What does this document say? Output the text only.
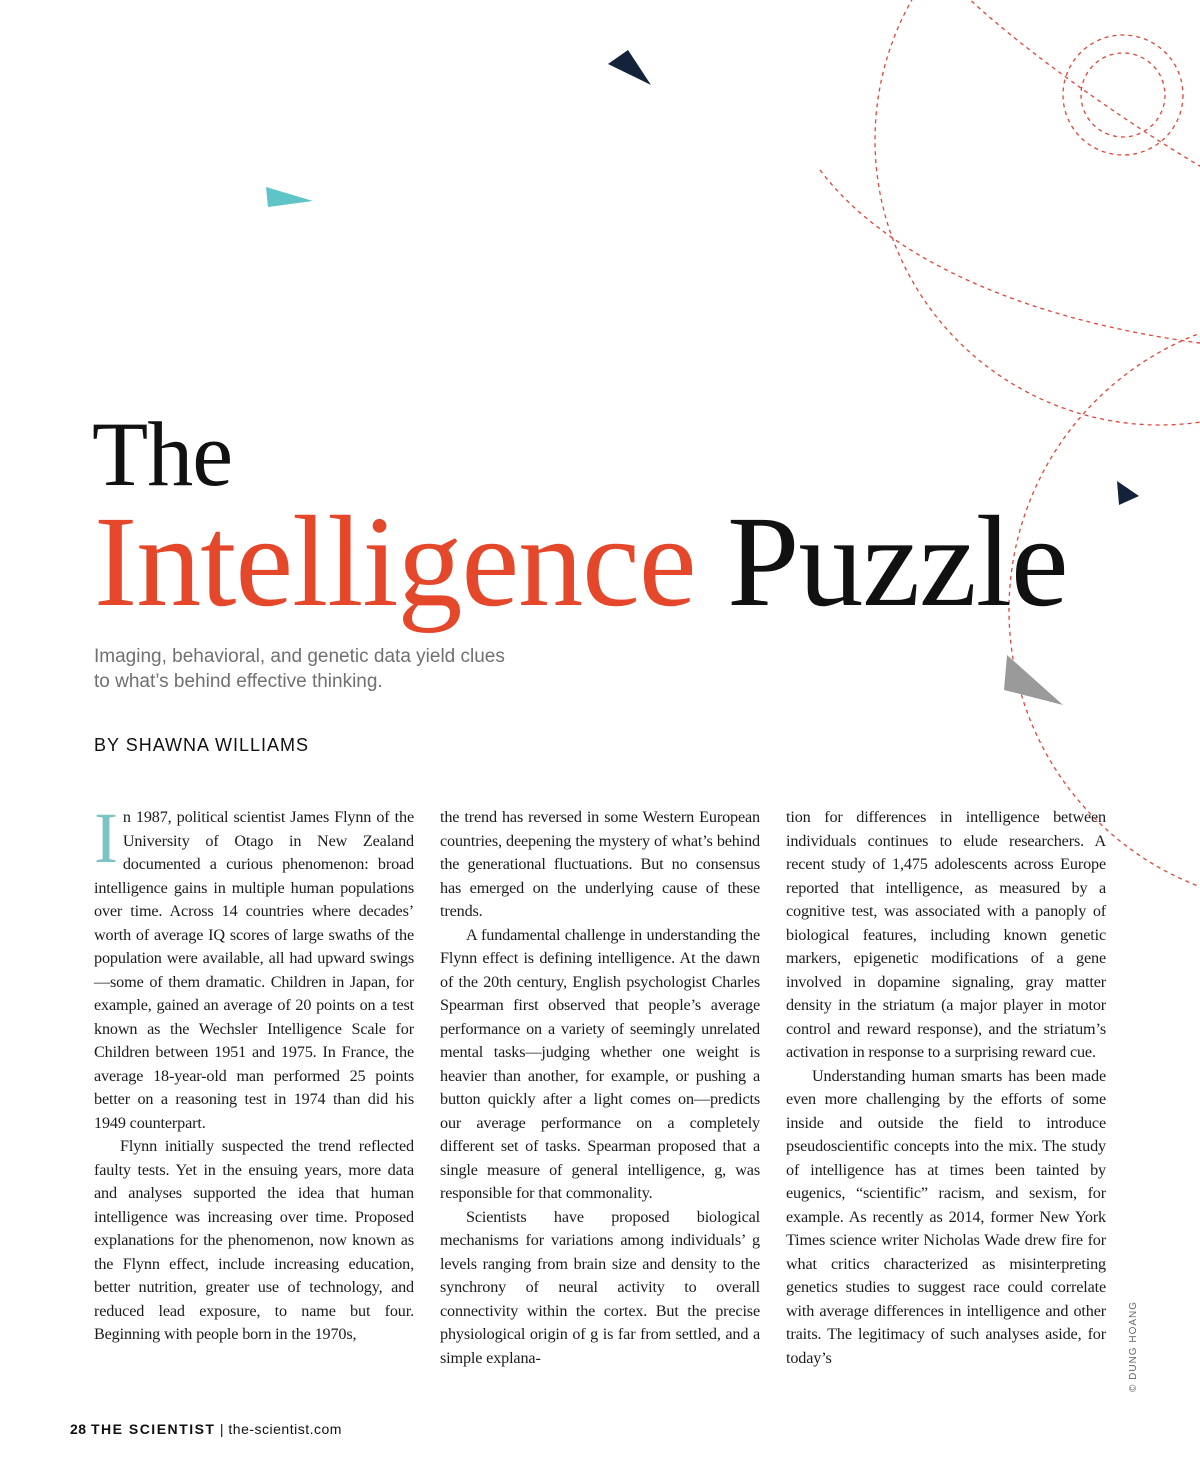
The
Intelligence Puzzle
Imaging, behavioral, and genetic data yield clues
to what’s behind effective thinking.
BY SHAWNA WILLIAMS

In 1987, political scientist James Flynn of the University of Otago in New Zealand documented a curious phenomenon: broad intelligence gains in multiple human populations over time. Across 14 countries where decades’ worth of average IQ scores of large swaths of the population were available, all had upward swings—some of them dramatic. Children in Japan, for example, gained an average of 20 points on a test known as the Wechsler Intelligence Scale for Children between 1951 and 1975. In France, the average 18-year-old man performed 25 points better on a reasoning test in 1974 than did his 1949 counterpart.

Flynn initially suspected the trend reflected faulty tests. Yet in the ensuing years, more data and analyses supported the idea that human intelligence was increasing over time. Proposed explanations for the phenomenon, now known as the Flynn effect, include increasing education, better nutrition, greater use of technology, and reduced lead exposure, to name but four. Beginning with people born in the 1970s,

the trend has reversed in some Western European countries, deepening the mystery of what’s behind the generational fluctuations. But no consensus has emerged on the underlying cause of these trends.

A fundamental challenge in understanding the Flynn effect is defining intelligence. At the dawn of the 20th century, English psychologist Charles Spearman first observed that people’s average performance on a variety of seemingly unrelated mental tasks—judging whether one weight is heavier than another, for example, or pushing a button quickly after a light comes on—predicts our average performance on a completely different set of tasks. Spearman proposed that a single measure of general intelligence, g, was responsible for that commonality.

Scientists have proposed biological mechanisms for variations among individuals’ g levels ranging from brain size and density to the synchrony of neural activity to overall connectivity within the cortex. But the precise physiological origin of g is far from settled, and a simple explana-

tion for differences in intelligence between individuals continues to elude researchers. A recent study of 1,475 adolescents across Europe reported that intelligence, as measured by a cognitive test, was associated with a panoply of biological features, including known genetic markers, epigenetic modifications of a gene involved in dopamine signaling, gray matter density in the striatum (a major player in motor control and reward response), and the striatum’s activation in response to a surprising reward cue.

Understanding human smarts has been made even more challenging by the efforts of some inside and outside the field to introduce pseudoscientific concepts into the mix. The study of intelligence has at times been tainted by eugenics, “scientific” racism, and sexism, for example. As recently as 2014, former New York Times science writer Nicholas Wade drew fire for what critics characterized as misinterpreting genetics studies to suggest race could correlate with average differences in intelligence and other traits. The legitimacy of such analyses aside, for today’s	© DUNG HOANG
28 THE SCIENTIST | the-scientist.com
